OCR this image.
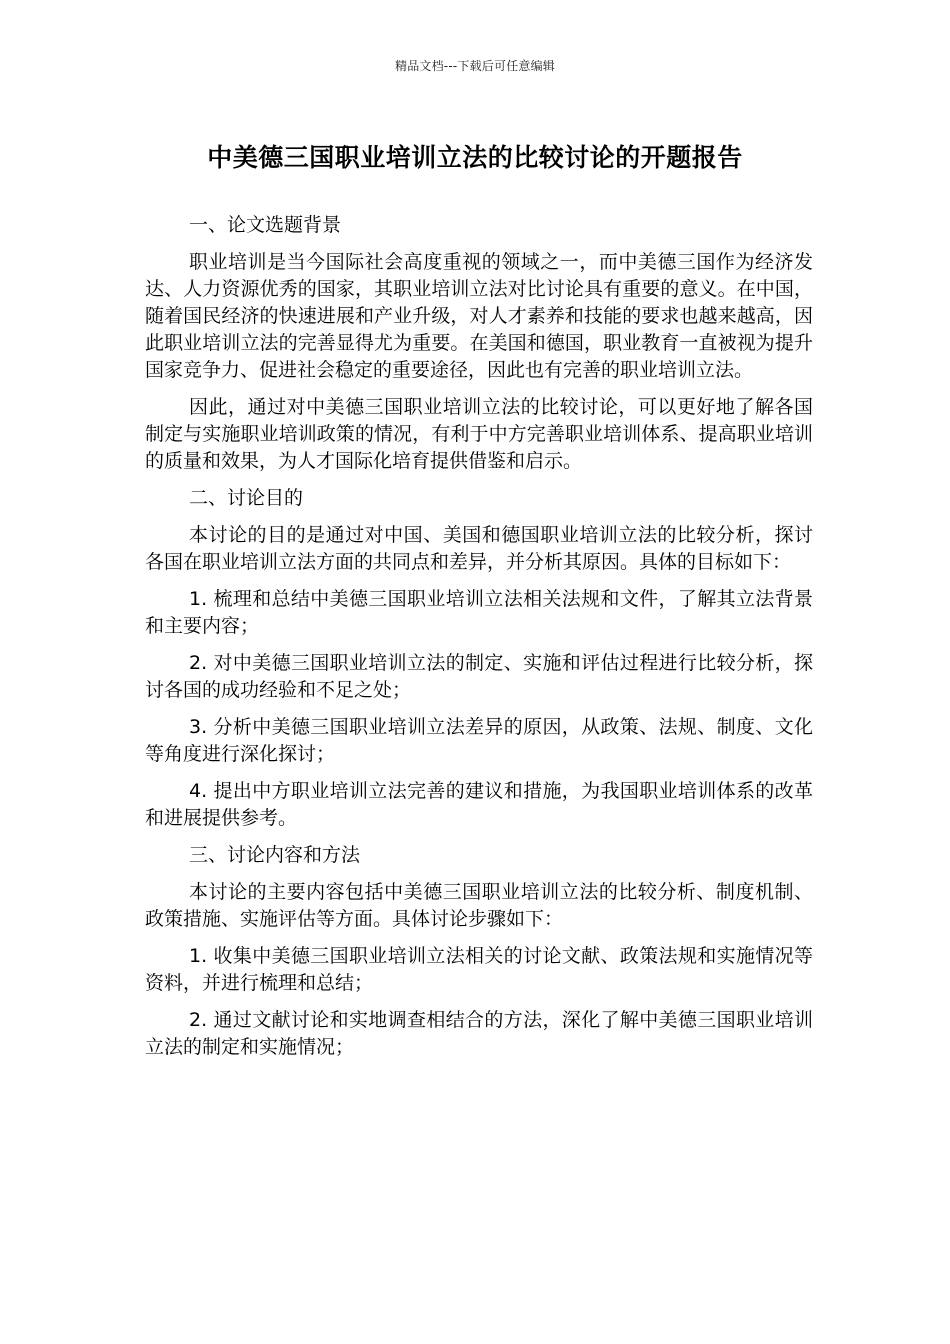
精品文档---下载后可任意编辑
中美德三国职业培训立法的比较讨论的开题报告

一、论文选题背景

职业培训是当今国际社会高度重视的领域之一，而中美德三国作为经济发达、人力资源优秀的国家，其职业培训立法对比讨论具有重要的意义。在中国，随着国民经济的快速进展和产业升级，对人才素养和技能的要求也越来越高，因此职业培训立法的完善显得尤为重要。在美国和德国，职业教育一直被视为提升国家竞争力、促进社会稳定的重要途径，因此也有完善的职业培训立法。

因此，通过对中美德三国职业培训立法的比较讨论，可以更好地了解各国制定与实施职业培训政策的情况，有利于中方完善职业培训体系、提高职业培训的质量和效果，为人才国际化培育提供借鉴和启示。

二、讨论目的

本讨论的目的是通过对中国、美国和德国职业培训立法的比较分析，探讨各国在职业培训立法方面的共同点和差异，并分析其原因。具体的目标如下：

1. 梳理和总结中美德三国职业培训立法相关法规和文件，了解其立法背景和主要内容；

2. 对中美德三国职业培训立法的制定、实施和评估过程进行比较分析，探讨各国的成功经验和不足之处；

3. 分析中美德三国职业培训立法差异的原因，从政策、法规、制度、文化等角度进行深化探讨；

4. 提出中方职业培训立法完善的建议和措施，为我国职业培训体系的改革和进展提供参考。

三、讨论内容和方法

本讨论的主要内容包括中美德三国职业培训立法的比较分析、制度机制、政策措施、实施评估等方面。具体讨论步骤如下：

1. 收集中美德三国职业培训立法相关的讨论文献、政策法规和实施情况等资料，并进行梳理和总结；

2. 通过文献讨论和实地调查相结合的方法，深化了解中美德三国职业培训立法的制定和实施情况；
